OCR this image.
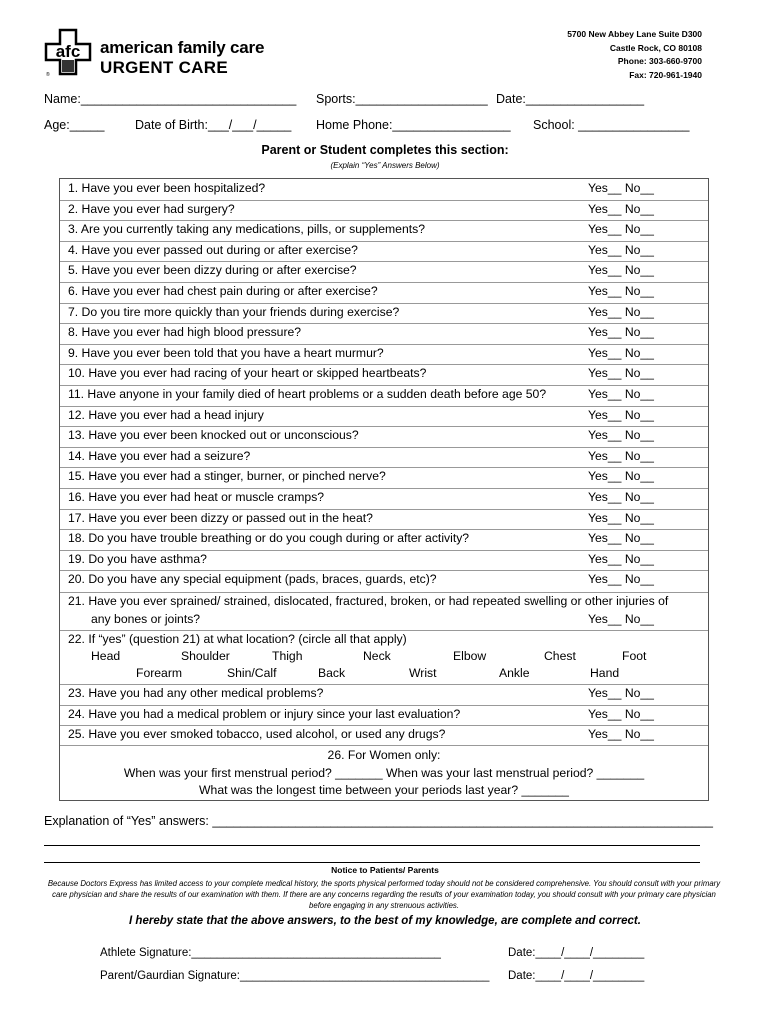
afc
®
american family care
URGENT CARE
5700 New Abbey Lane Suite D300
Castle Rock, CO 80108
Phone: 303-660-9700
Fax: 720-961-1940
Name:_______________________________ Sports:___________________ Date:_________________
Age:_____ Date of Birth:___/___/_____ Home Phone:_________________ School: ________________
Parent or Student completes this section:
(Explain “Yes” Answers Below)
1. Have you ever been hospitalized?	Yes__ No__
2. Have you ever had surgery?	Yes__ No__
3. Are you currently taking any medications, pills, or supplements?	Yes__ No__
4. Have you ever passed out during or after exercise?	Yes__ No__
5. Have you ever been dizzy during or after exercise?	Yes__ No__
6. Have you ever had chest pain during or after exercise?	Yes__ No__
7. Do you tire more quickly than your friends during exercise?	Yes__ No__
8. Have you ever had high blood pressure?	Yes__ No__
9. Have you ever been told that you have a heart murmur?	Yes__ No__
10. Have you ever had racing of your heart or skipped heartbeats?	Yes__ No__
11. Have anyone in your family died of heart problems or a sudden death before age 50?	Yes__ No__
12. Have you ever had a head injury	Yes__ No__
13. Have you ever been knocked out or unconscious?	Yes__ No__
14. Have you ever had a seizure?	Yes__ No__
15. Have you ever had a stinger, burner, or pinched nerve?	Yes__ No__
16. Have you ever had heat or muscle cramps?	Yes__ No__
17. Have you ever been dizzy or passed out in the heat?	Yes__ No__
18. Do you have trouble breathing or do you cough during or after activity?	Yes__ No__
19. Do you have asthma?	Yes__ No__
20. Do you have any special equipment (pads, braces, guards, etc)?	Yes__ No__
21. Have you ever sprained/ strained, dislocated, fractured, broken, or had repeated swelling or other injuries of
any bones or joints?	Yes__ No__
22. If “yes” (question 21) at what location? (circle all that apply)
Head	Shoulder	Thigh	Neck	Elbow	Chest	Foot
Forearm	Shin/Calf	Back	Wrist	Ankle	Hand
23. Have you had any other medical problems?	Yes__ No__
24. Have you had a medical problem or injury since your last evaluation?	Yes__ No__
25. Have you ever smoked tobacco, used alcohol, or used any drugs?	Yes__ No__
26. For Women only:
When was your first menstrual period? _______ When was your last menstrual period? _______
What was the longest time between your periods last year? _______
Explanation of “Yes” answers: ________________________________________________________________________
Notice to Patients/ Parents
Because Doctors Express has limited access to your complete medical history, the sports physical performed today should not be considered comprehensive. You should consult with your primary care physician and share the results of our examination with them. If there are any concerns regarding the results of your examination today, you should consult with your primary care physician before engaging in any strenuous activities.
I hereby state that the above answers, to the best of my knowledge, are complete and correct.
Athlete Signature:_______________________________________	Date:____/____/________
Parent/Gaurdian Signature:_______________________________________ Date:____/____/________
